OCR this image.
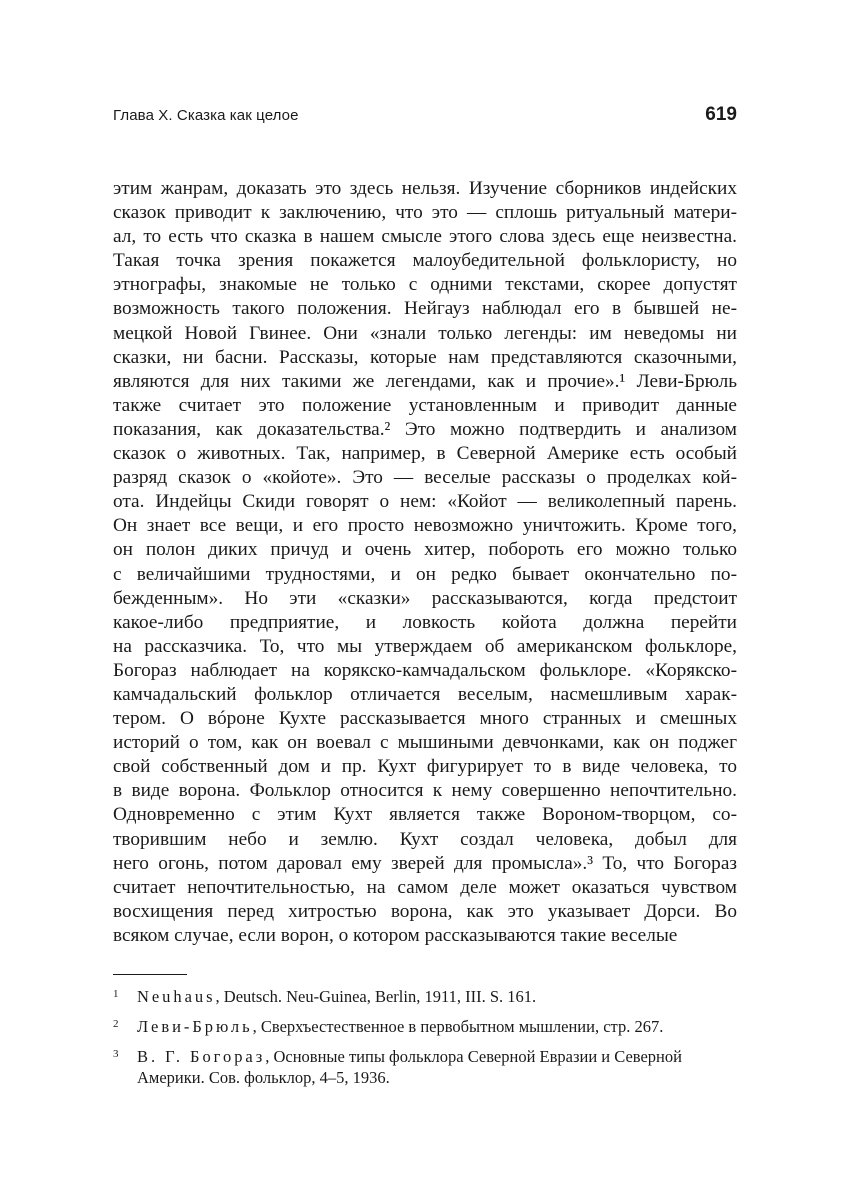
Глава X. Сказка как целое	619
этим жанрам, доказать это здесь нельзя. Изучение сборников индейских
сказок приводит к заключению, что это — сплошь ритуальный матери-
ал, то есть что сказка в нашем смысле этого слова здесь еще неизвестна.
Такая точка зрения покажется малоубедительной фольклористу, но
этнографы, знакомые не только с одними текстами, скорее допустят
возможность такого положения. Нейгауз наблюдал его в бывшей не-
мецкой Новой Гвинее. Они «знали только легенды: им неведомы ни
сказки, ни басни. Рассказы, которые нам представляются сказочными,
являются для них такими же легендами, как и прочие».¹ Леви-Брюль
также считает это положение установленным и приводит данные
показания, как доказательства.² Это можно подтвердить и анализом
сказок о животных. Так, например, в Северной Америке есть особый
разряд сказок о «койоте». Это — веселые рассказы о проделках кой-
ота. Индейцы Скиди говорят о нем: «Койот — великолепный парень.
Он знает все вещи, и его просто невозможно уничтожить. Кроме того,
он полон диких причуд и очень хитер, побороть его можно только
с величайшими трудностями, и он редко бывает окончательно по-
бежденным». Но эти «сказки» рассказываются, когда предстоит
какое-либо предприятие, и ловкость койота должна перейти
на рассказчика. То, что мы утверждаем об американском фольклоре,
Богораз наблюдает на корякско-камчадальском фольклоре. «Корякско-
камчадальский фольклор отличается веселым, насмешливым харак-
тером. О вóроне Кухте рассказывается много странных и смешных
историй о том, как он воевал с мышиными девчонками, как он поджег
свой собственный дом и пр. Кухт фигурирует то в виде человека, то
в виде ворона. Фольклор относится к нему совершенно непочтительно.
Одновременно с этим Кухт является также Вороном-творцом, со-
творившим небо и землю. Кухт создал человека, добыл для
него огонь, потом даровал ему зверей для промысла».³ То, что Богораз
считает непочтительностью, на самом деле может оказаться чувством
восхищения перед хитростью ворона, как это указывает Дорси. Во
всяком случае, если ворон, о котором рассказываются такие веселые
1 Neuhaus, Deutsch. Neu-Guinea, Berlin, 1911, III. S. 161.
2 Леви-Брюль, Сверхъестественное в первобытном мышлении, стр. 267.
3 В. Г. Богораз, Основные типы фольклора Северной Евразии и Северной Америки. Сов. фольклор, 4–5, 1936.
